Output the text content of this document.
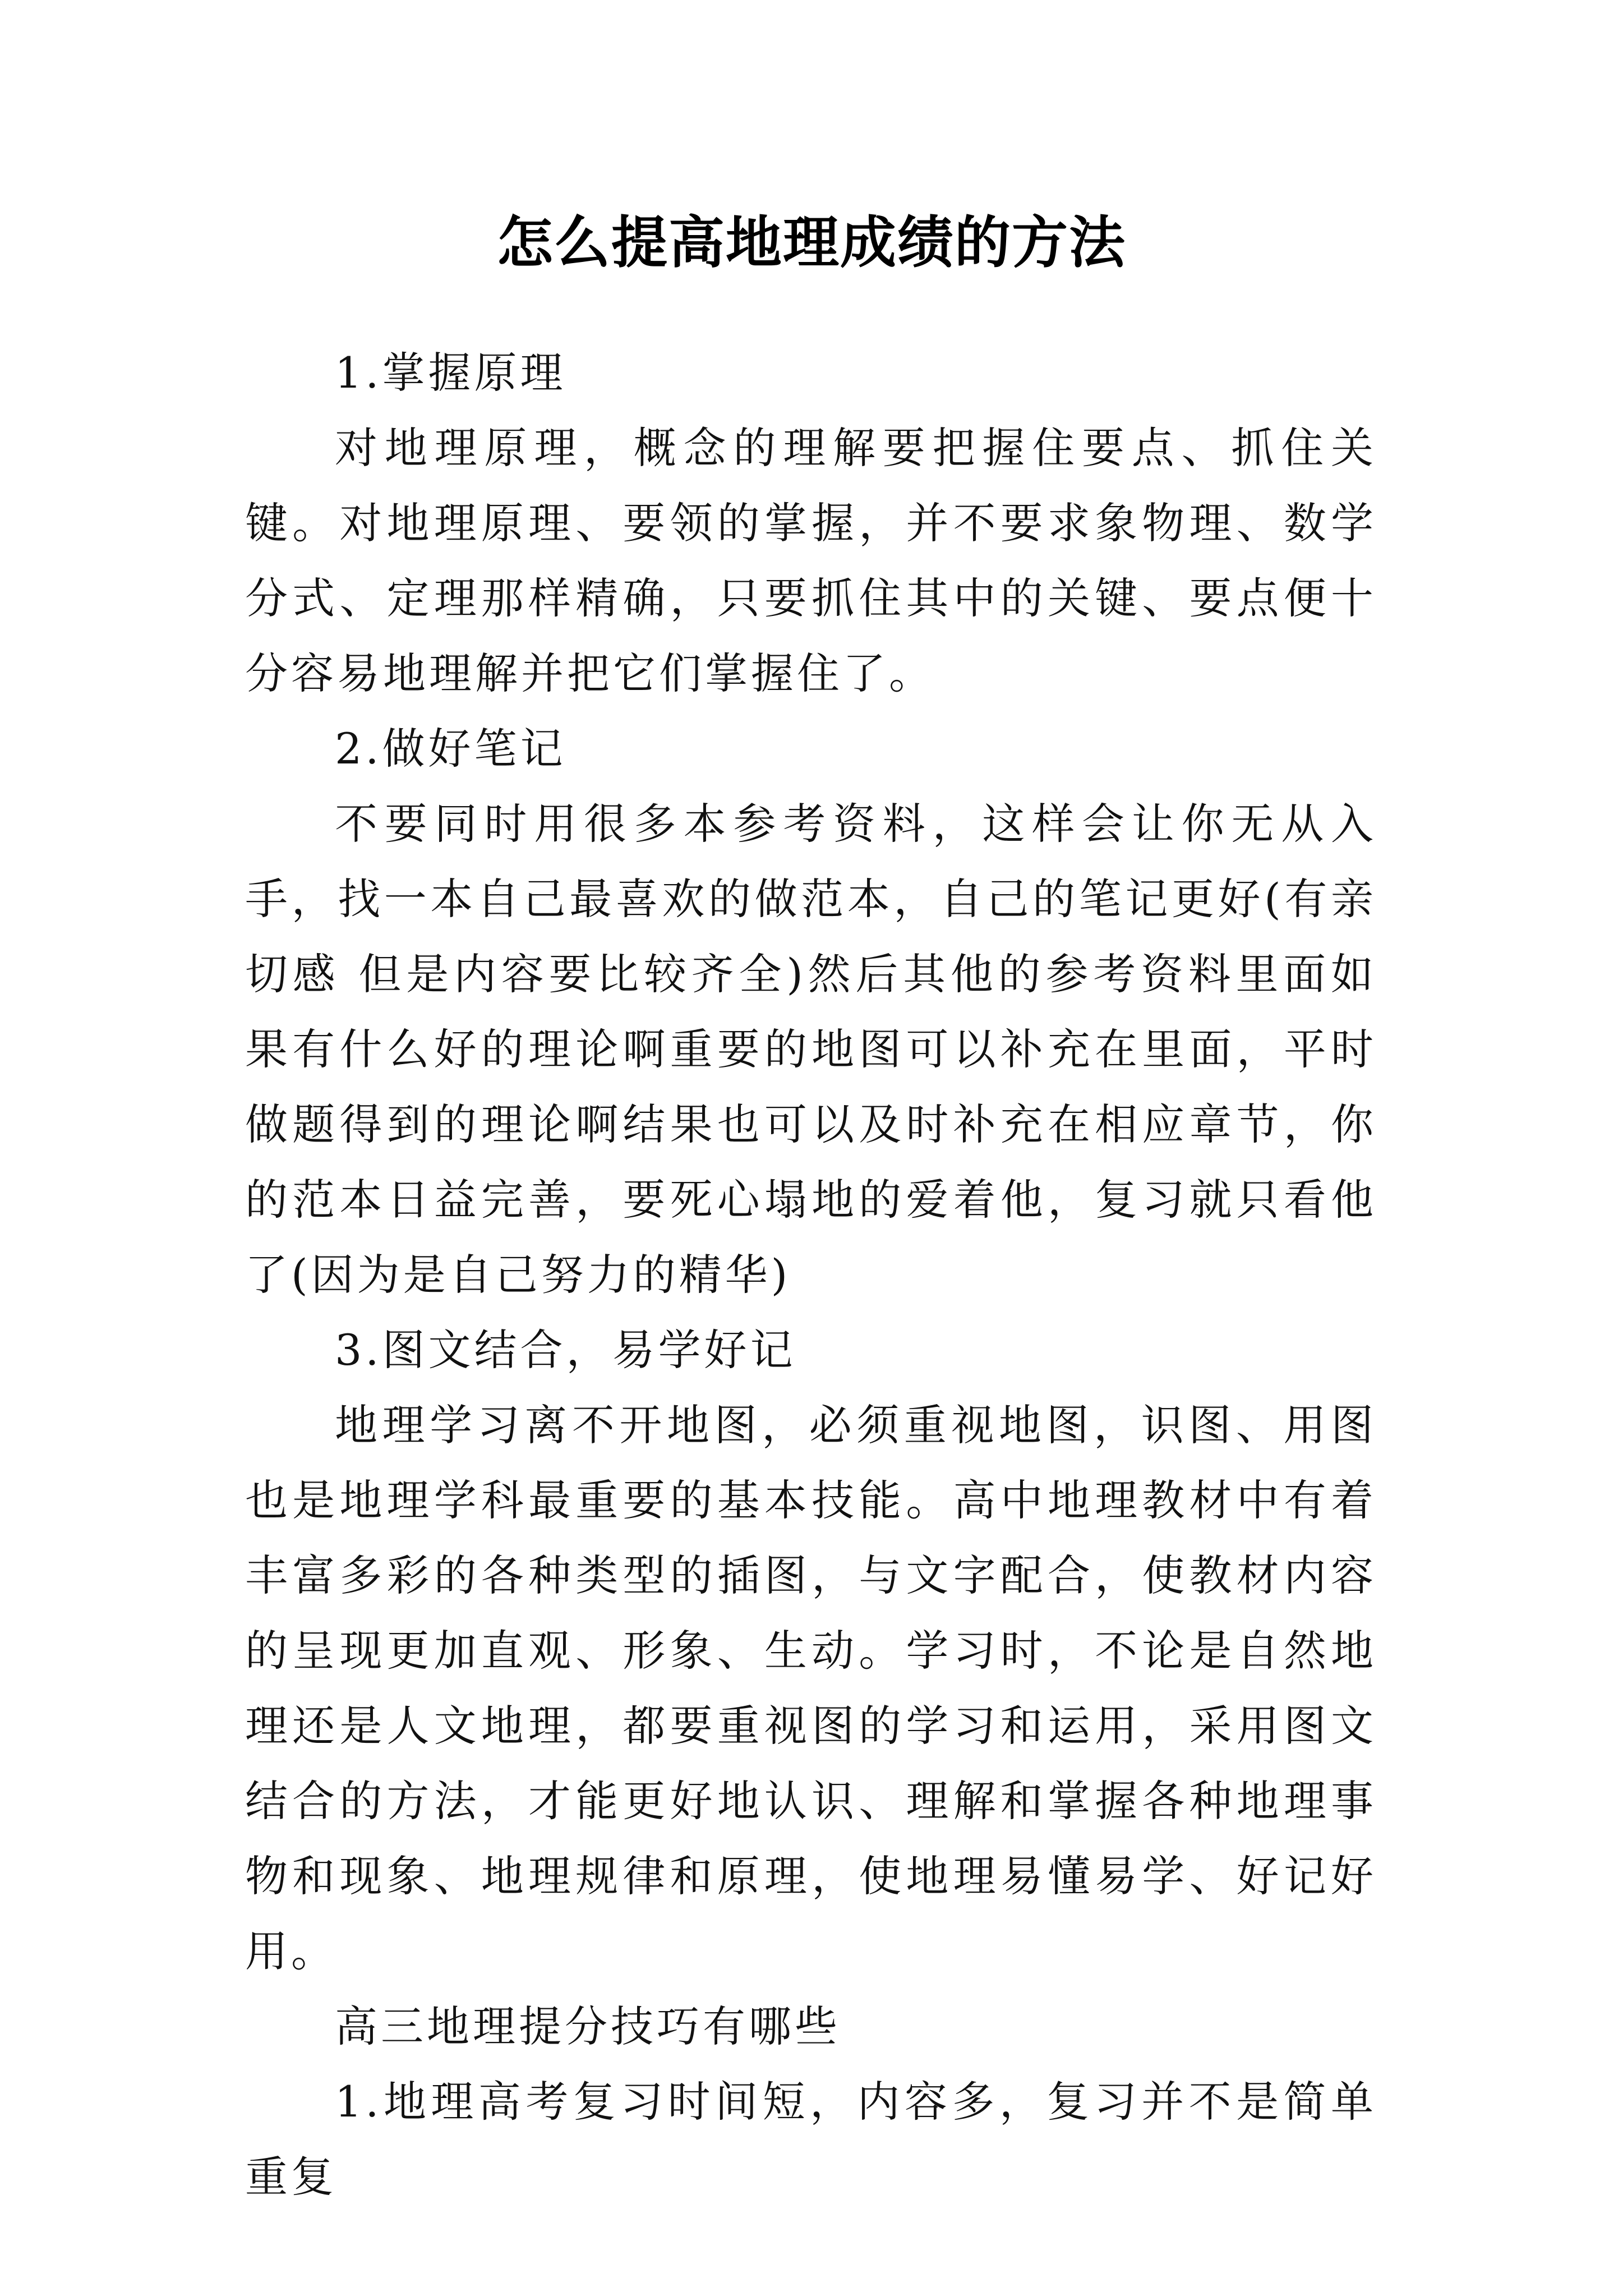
怎么提高地理成绩的方法

1.掌握原理

对地理原理，概念的理解要把握住要点、抓住关键。对地理原理、要领的掌握，并不要求象物理、数学分式、定理那样精确，只要抓住其中的关键、要点便十分容易地理解并把它们掌握住了。

2.做好笔记

不要同时用很多本参考资料，这样会让你无从入手，找一本自己最喜欢的做范本，自己的笔记更好(有亲切感 但是内容要比较齐全)然后其他的参考资料里面如果有什么好的理论啊重要的地图可以补充在里面，平时做题得到的理论啊结果也可以及时补充在相应章节，你的范本日益完善，要死心塌地的爱着他，复习就只看他了(因为是自己努力的精华)

3.图文结合，易学好记

地理学习离不开地图，必须重视地图，识图、用图也是地理学科最重要的基本技能。高中地理教材中有着丰富多彩的各种类型的插图，与文字配合，使教材内容的呈现更加直观、形象、生动。学习时，不论是自然地理还是人文地理，都要重视图的学习和运用，采用图文结合的方法，才能更好地认识、理解和掌握各种地理事物和现象、地理规律和原理，使地理易懂易学、好记好用。

高三地理提分技巧有哪些

1.地理高考复习时间短，内容多，复习并不是简单重复
